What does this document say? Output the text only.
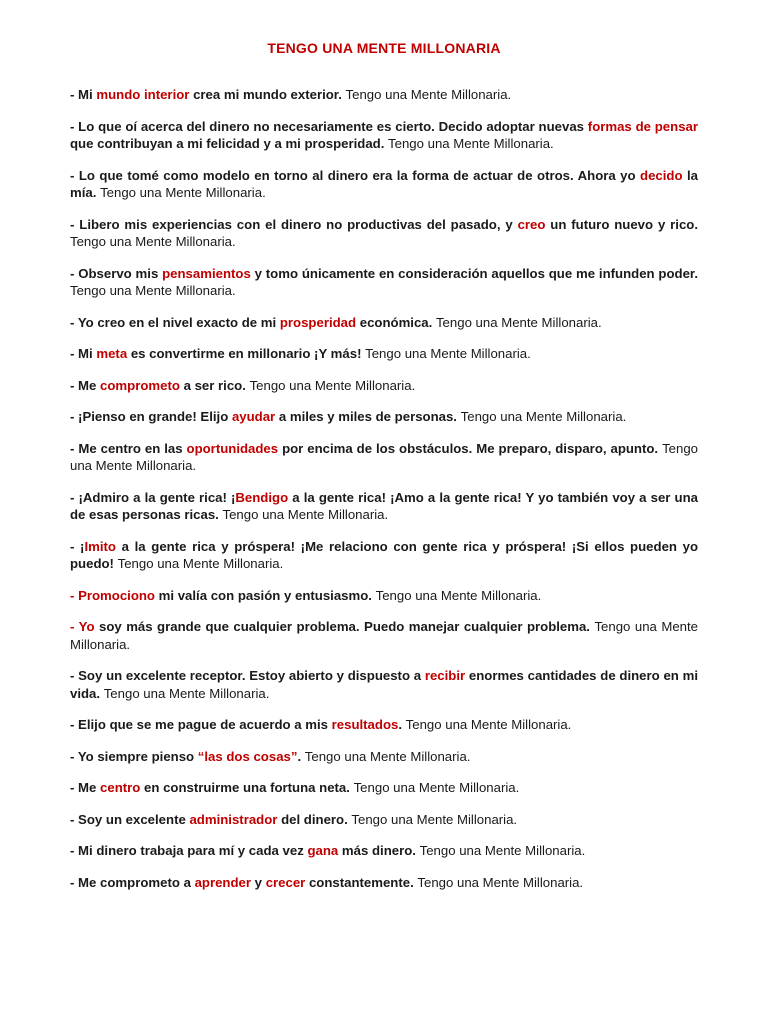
TENGO UNA MENTE MILLONARIA
- Mi mundo interior crea mi mundo exterior. Tengo una Mente Millonaria.
- Lo que oí acerca del dinero no necesariamente es cierto. Decido adoptar nuevas formas de pensar que contribuyan a mi felicidad y a mi prosperidad. Tengo una Mente Millonaria.
- Lo que tomé como modelo en torno al dinero era la forma de actuar de otros. Ahora yo decido la mía. Tengo una Mente Millonaria.
- Libero mis experiencias con el dinero no productivas del pasado, y creo un futuro nuevo y rico. Tengo una Mente Millonaria.
- Observo mis pensamientos y tomo únicamente en consideración aquellos que me infunden poder. Tengo una Mente Millonaria.
- Yo creo en el nivel exacto de mi prosperidad económica. Tengo una Mente Millonaria.
- Mi meta es convertirme en millonario ¡Y más! Tengo una Mente Millonaria.
- Me comprometo a ser rico. Tengo una Mente Millonaria.
- ¡Pienso en grande! Elijo ayudar a miles y miles de personas. Tengo una Mente Millonaria.
- Me centro en las oportunidades por encima de los obstáculos. Me preparo, disparo, apunto. Tengo una Mente Millonaria.
- ¡Admiro a la gente rica! ¡Bendigo a la gente rica! ¡Amo a la gente rica! Y yo también voy a ser una de esas personas ricas. Tengo una Mente Millonaria.
- ¡Imito a la gente rica y próspera! ¡Me relaciono con gente rica y próspera! ¡Si ellos pueden yo puedo! Tengo una Mente Millonaria.
- Promociono mi valía con pasión y entusiasmo. Tengo una Mente Millonaria.
- Yo soy más grande que cualquier problema. Puedo manejar cualquier problema. Tengo una Mente Millonaria.
- Soy un excelente receptor. Estoy abierto y dispuesto a recibir enormes cantidades de dinero en mi vida. Tengo una Mente Millonaria.
- Elijo que se me pague de acuerdo a mis resultados. Tengo una Mente Millonaria.
- Yo siempre pienso “las dos cosas”. Tengo una Mente Millonaria.
- Me centro en construirme una fortuna neta. Tengo una Mente Millonaria.
- Soy un excelente administrador del dinero. Tengo una Mente Millonaria.
- Mi dinero trabaja para mí y cada vez gana más dinero. Tengo una Mente Millonaria.
- Me comprometo a aprender y crecer constantemente. Tengo una Mente Millonaria.
